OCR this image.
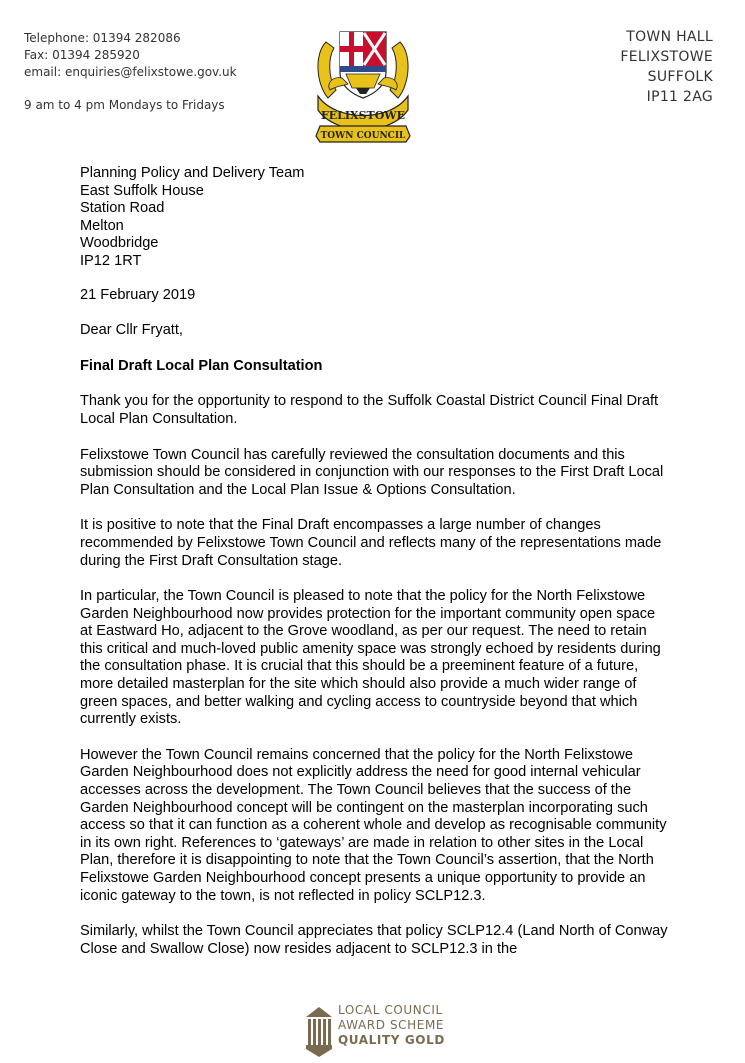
Telephone: 01394 282086
Fax: 01394 285920
email: enquiries@felixstowe.gov.uk
9 am to 4 pm Mondays to Fridays
FELIXSTOWE
TOWN COUNCIL
TOWN HALL
FELIXSTOWE
SUFFOLK
IP11 2AG
Planning Policy and Delivery Team
East Suffolk House
Station Road
Melton
Woodbridge
IP12 1RT

21 February 2019

Dear Cllr Fryatt,

Final Draft Local Plan Consultation

Thank you for the opportunity to respond to the Suffolk Coastal District Council Final Draft Local Plan Consultation.

Felixstowe Town Council has carefully reviewed the consultation documents and this submission should be considered in conjunction with our responses to the First Draft Local Plan Consultation and the Local Plan Issue & Options Consultation.

It is positive to note that the Final Draft encompasses a large number of changes recommended by Felixstowe Town Council and reflects many of the representations made during the First Draft Consultation stage.

In particular, the Town Council is pleased to note that the policy for the North Felixstowe Garden Neighbourhood now provides protection for the important community open space at Eastward Ho, adjacent to the Grove woodland, as per our request. The need to retain this critical and much-loved public amenity space was strongly echoed by residents during the consultation phase. It is crucial that this should be a preeminent feature of a future, more detailed masterplan for the site which should also provide a much wider range of green spaces, and better walking and cycling access to countryside beyond that which currently exists.

However the Town Council remains concerned that the policy for the North Felixstowe Garden Neighbourhood does not explicitly address the need for good internal vehicular accesses across the development. The Town Council believes that the success of the Garden Neighbourhood concept will be contingent on the masterplan incorporating such access so that it can function as a coherent whole and develop as recognisable community in its own right. References to ‘gateways’ are made in relation to other sites in the Local Plan, therefore it is disappointing to note that the Town Council’s assertion, that the North Felixstowe Garden Neighbourhood concept presents a unique opportunity to provide an iconic gateway to the town, is not reflected in policy SCLP12.3.

Similarly, whilst the Town Council appreciates that policy SCLP12.4 (Land North of Conway Close and Swallow Close) now resides adjacent to SCLP12.3 in the

LOCAL COUNCIL
AWARD SCHEME
QUALITY GOLD
